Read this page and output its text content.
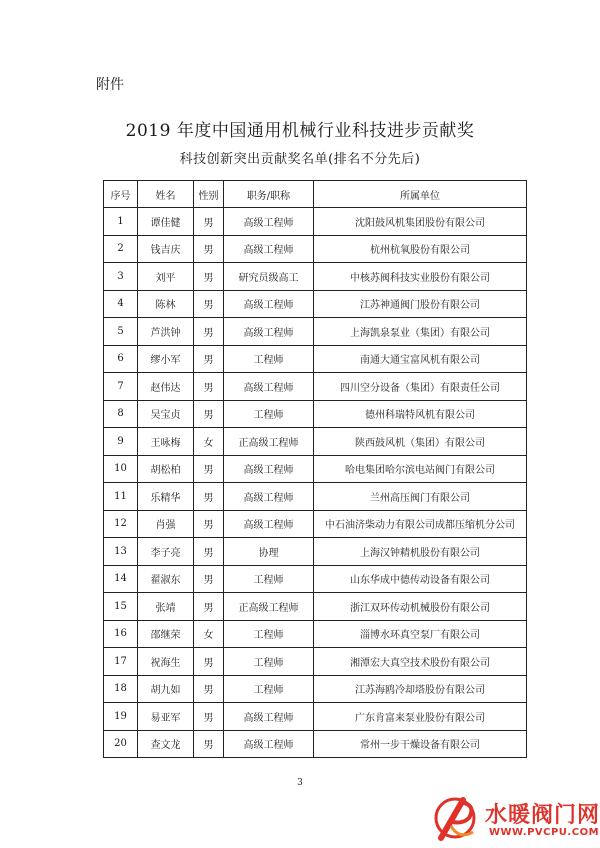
附件
2019 年度中国通用机械行业科技进步贡献奖
科技创新突出贡献奖名单(排名不分先后)
序号	姓名	性别	职务/职称	所属单位
1	谭佳健	男	高级工程师	沈阳鼓风机集团股份有限公司
2	钱吉庆	男	高级工程师	杭州杭氧股份有限公司
3	刘平	男	研究员级高工	中核苏阀科技实业股份有限公司
4	陈林	男	高级工程师	江苏神通阀门股份有限公司
5	芦洪钟	男	高级工程师	上海凯泉泵业（集团）有限公司
6	缪小军	男	工程师	南通大通宝富风机有限公司
7	赵伟达	男	高级工程师	四川空分设备（集团）有限责任公司
8	吴宝贞	男	工程师	德州科瑞特风机有限公司
9	王咏梅	女	正高级工程师	陕西鼓风机（集团）有限公司
10	胡松柏	男	高级工程师	哈电集团哈尔滨电站阀门有限公司
11	乐精华	男	高级工程师	兰州高压阀门有限公司
12	肖强	男	高级工程师	中石油济柴动力有限公司成都压缩机分公司
13	李子亮	男	协理	上海汉钟精机股份有限公司
14	翟淑东	男	工程师	山东华成中德传动设备有限公司
15	张靖	男	正高级工程师	浙江双环传动机械股份有限公司
16	邵继荣	女	工程师	淄博水环真空泵厂有限公司
17	祝海生	男	工程师	湘潭宏大真空技术股份有限公司
18	胡九如	男	工程师	江苏海鸥冷却塔股份有限公司
19	易亚军	男	高级工程师	广东肯富来泵业股份有限公司
20	查文龙	男	高级工程师	常州一步干燥设备有限公司
3
水暖阀门网
WWW.PVCPU.COM
